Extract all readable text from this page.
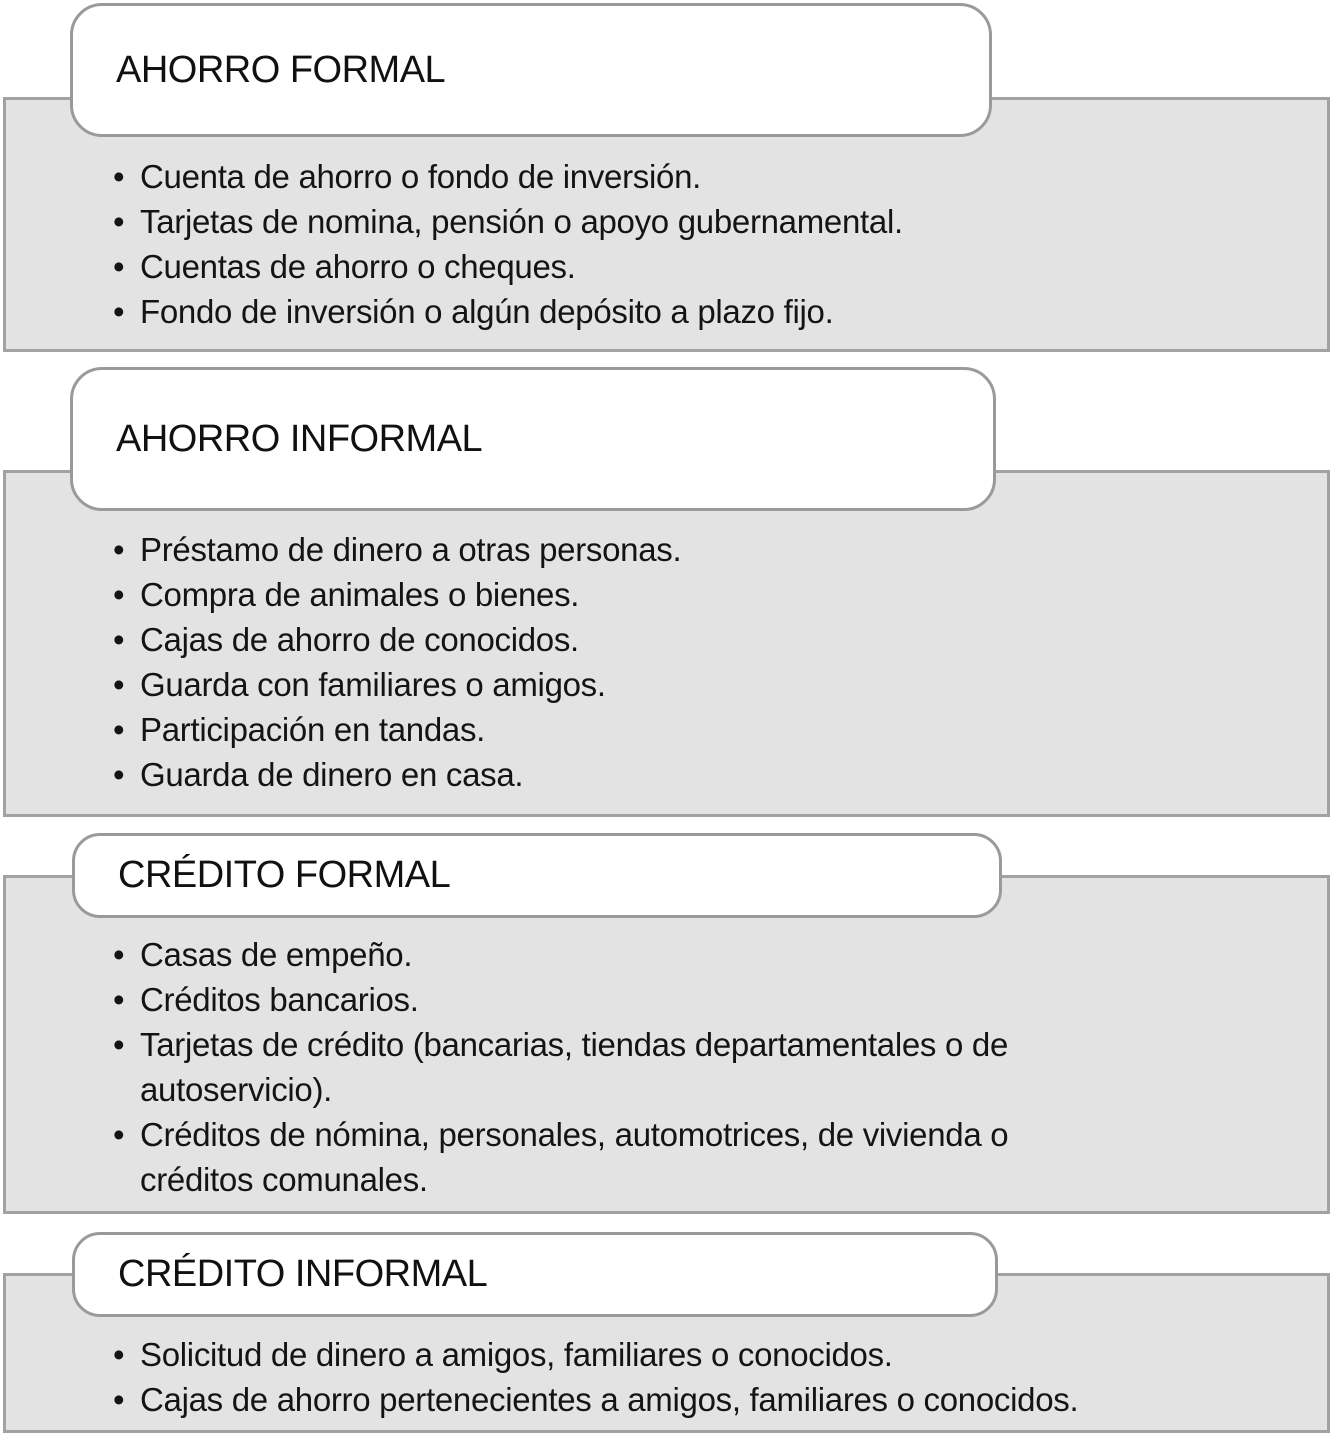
AHORRO FORMAL
• Cuenta de ahorro o fondo de inversión.
• Tarjetas de nomina, pensión o apoyo gubernamental.
• Cuentas de ahorro o cheques.
• Fondo de inversión o algún depósito a plazo fijo.
AHORRO INFORMAL
• Préstamo de dinero a otras personas.
• Compra de animales o bienes.
• Cajas de ahorro de conocidos.
• Guarda con familiares o amigos.
• Participación en tandas.
• Guarda de dinero en casa.
CRÉDITO FORMAL
• Casas de empeño.
• Créditos bancarios.
• Tarjetas de crédito (bancarias, tiendas departamentales o de autoservicio).
• Créditos de nómina, personales, automotrices, de vivienda o créditos comunales.
CRÉDITO INFORMAL
• Solicitud de dinero a amigos, familiares o conocidos.
• Cajas de ahorro pertenecientes a amigos, familiares o conocidos.
